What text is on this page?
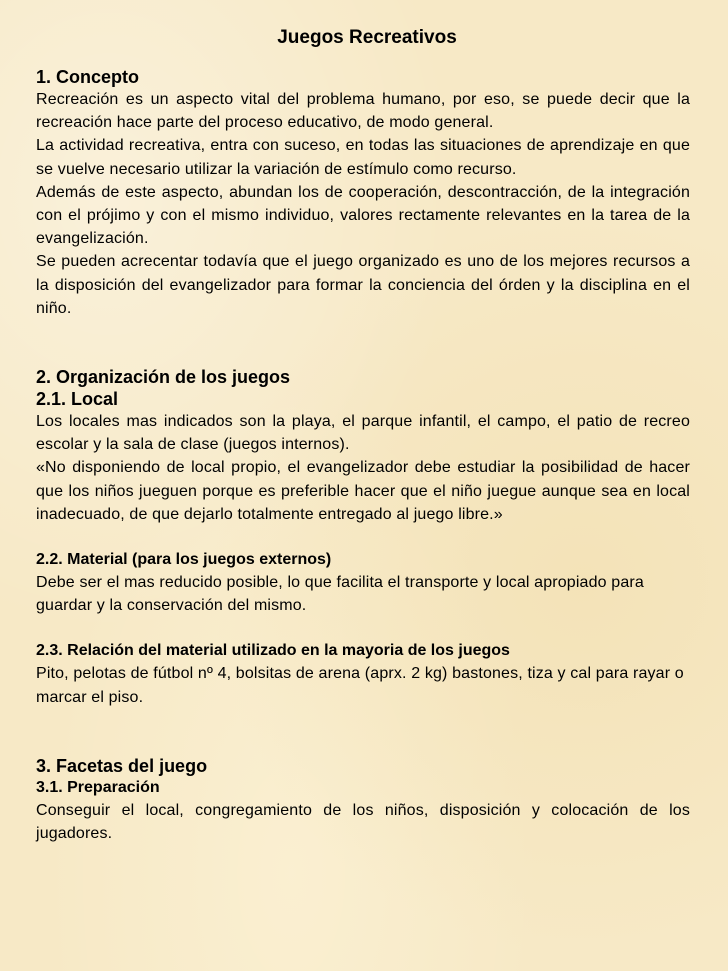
Juegos Recreativos
1. Concepto

Recreación es un aspecto vital del problema humano, por eso, se puede decir que la recreación hace parte del proceso educativo, de modo general.

La actividad recreativa, entra con suceso, en todas las situaciones de aprendizaje en que se vuelve necesario utilizar la variación de estímulo como recurso.

Además de este aspecto, abundan los de cooperación, descontracción, de la integración con el prójimo y con el mismo individuo, valores rectamente relevantes en la tarea de la evangelización.

Se pueden acrecentar todavía que el juego organizado es uno de los mejores recursos a la disposición del evangelizador para formar la conciencia del órden y la disciplina en el niño.

2. Organización de los juegos
2.1. Local

Los locales mas indicados son la playa, el parque infantil, el campo, el patio de recreo escolar y la sala de clase (juegos internos).

«No disponiendo de local propio, el evangelizador debe estudiar la posibilidad de hacer que los niños jueguen porque es preferible hacer que el niño juegue aunque sea en local inadecuado, de que dejarlo totalmente entregado al juego libre.»

2.2. Material (para los juegos externos)

Debe ser el mas reducido posible, lo que facilita el transporte y local apropiado para guardar y la conservación del mismo.

2.3. Relación del material utilizado en la mayoria de los juegos

Pito, pelotas de fútbol nº 4, bolsitas de arena (aprx. 2 kg) bastones, tiza y cal para rayar o marcar el piso.

3. Facetas del juego
3.1. Preparación

Conseguir el local, congregamiento de los niños, disposición y colocación de los jugadores.
